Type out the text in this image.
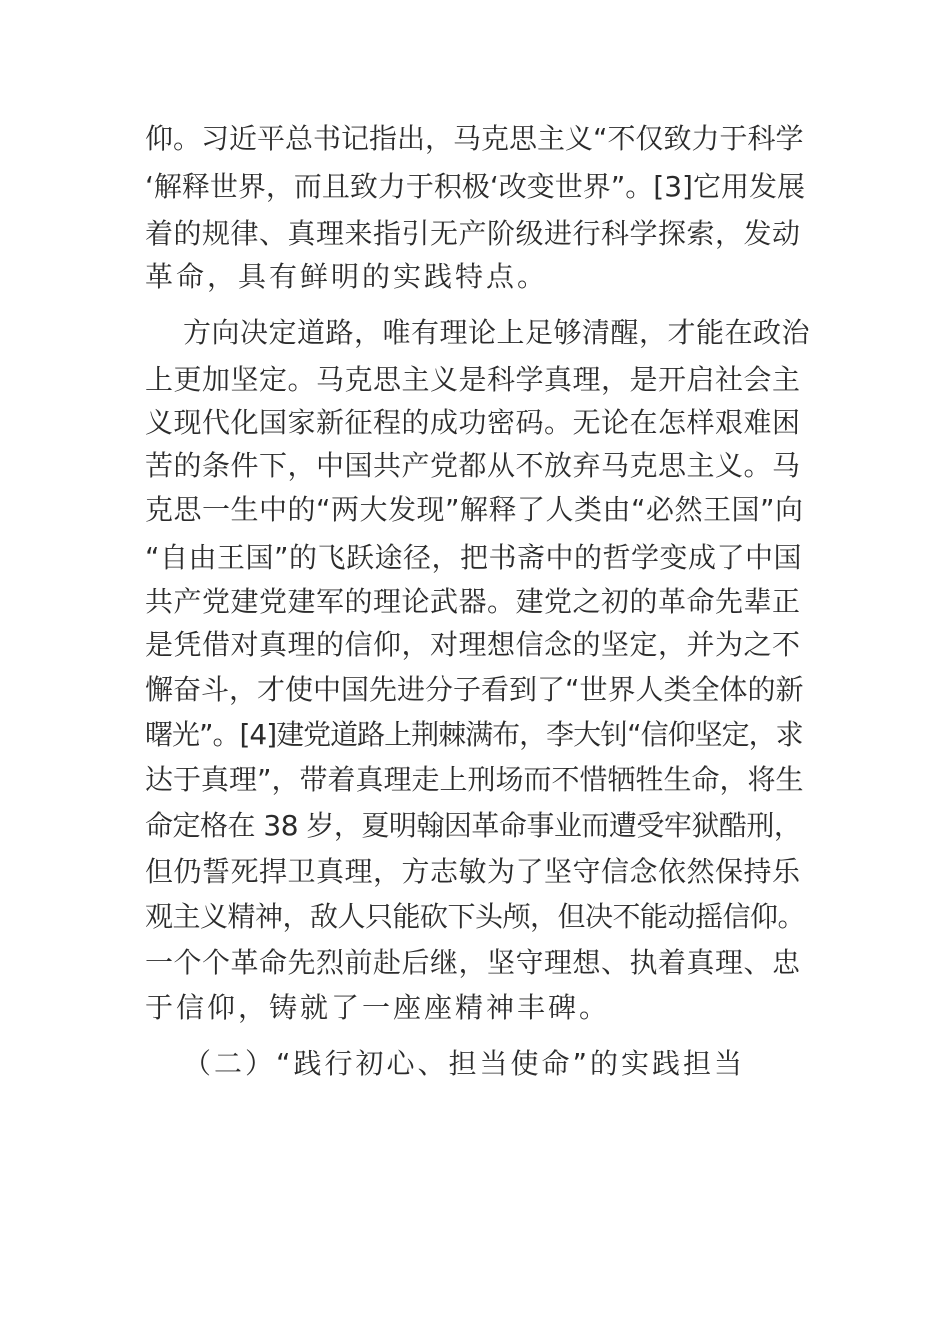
仰。习近平总书记指出，马克思主义“不仅致力于科学
‘解释世界，而且致力于积极‘改变世界”。[3]它用发展
着的规律、真理来指引无产阶级进行科学探索，发动
革命，具有鲜明的实践特点。
方向决定道路，唯有理论上足够清醒，才能在政治
上更加坚定。马克思主义是科学真理，是开启社会主
义现代化国家新征程的成功密码。无论在怎样艰难困
苦的条件下，中国共产党都从不放弃马克思主义。马
克思一生中的“两大发现”解释了人类由“必然王国”向
“自由王国”的飞跃途径，把书斋中的哲学变成了中国
共产党建党建军的理论武器。建党之初的革命先辈正
是凭借对真理的信仰，对理想信念的坚定，并为之不
懈奋斗，才使中国先进分子看到了“世界人类全体的新
曙光”。[4]建党道路上荆棘满布，李大钊“信仰坚定，求
达于真理”，带着真理走上刑场而不惜牺牲生命，将生
命定格在 38 岁，夏明翰因革命事业而遭受牢狱酷刑，
但仍誓死捍卫真理，方志敏为了坚守信念依然保持乐
观主义精神，敌人只能砍下头颅，但决不能动摇信仰。
一个个革命先烈前赴后继，坚守理想、执着真理、忠
于信仰，铸就了一座座精神丰碑。
（二）“践行初心、担当使命”的实践担当
